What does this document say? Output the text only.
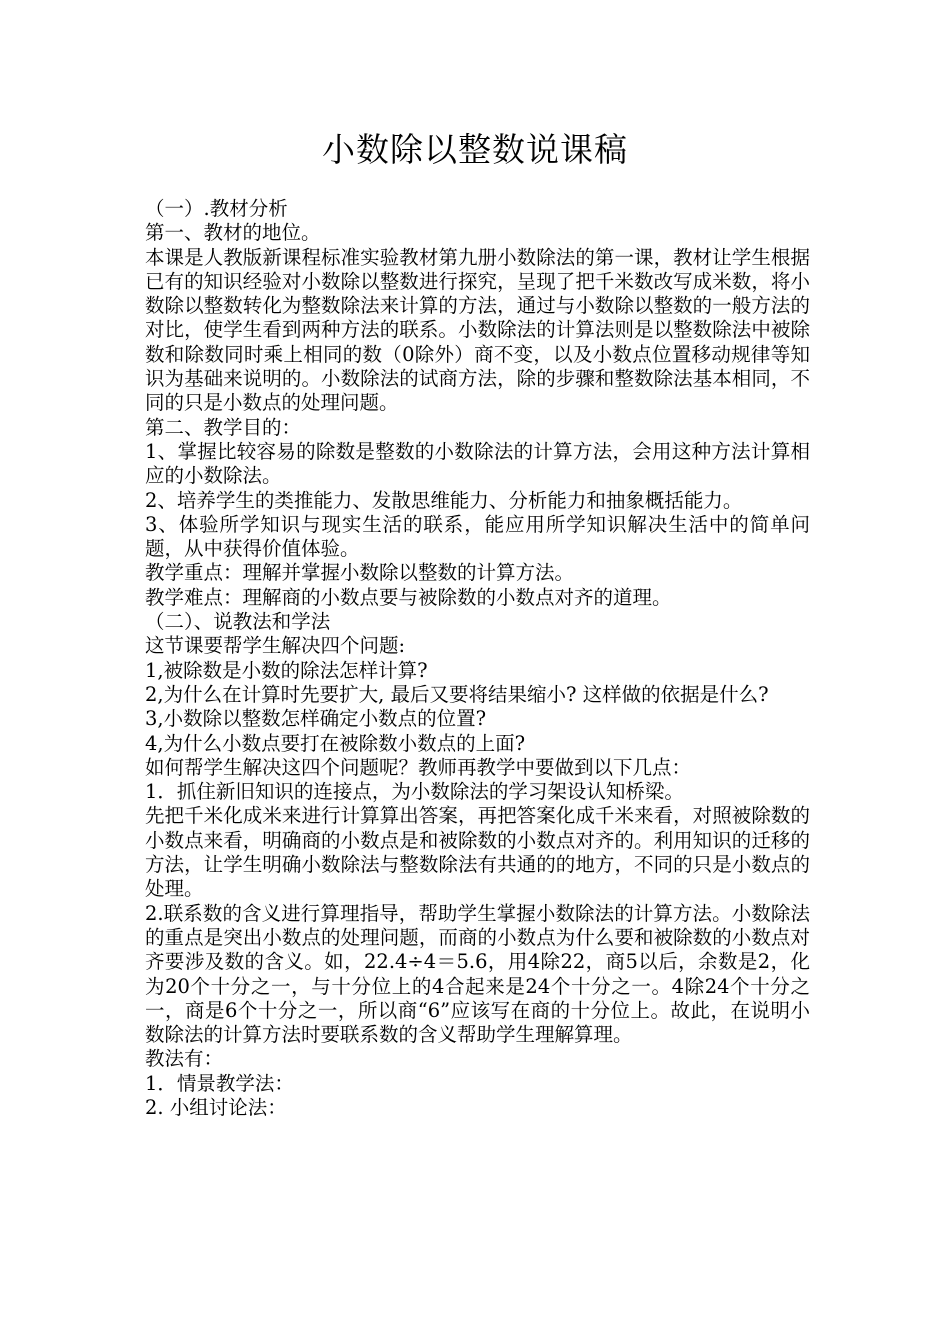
小数除以整数说课稿

（一）.教材分析

第一、教材的地位。

本课是人教版新课程标准实验教材第九册小数除法的第一课，教材让学生根据已有的知识经验对小数除以整数进行探究，呈现了把千米数改写成米数，将小数除以整数转化为整数除法来计算的方法，通过与小数除以整数的一般方法的对比，使学生看到两种方法的联系。小数除法的计算法则是以整数除法中被除数和除数同时乘上相同的数（0除外）商不变，以及小数点位置移动规律等知识为基础来说明的。小数除法的试商方法，除的步骤和整数除法基本相同，不同的只是小数点的处理问题。

第二、教学目的：

1、掌握比较容易的除数是整数的小数除法的计算方法，会用这种方法计算相应的小数除法。

2、培养学生的类推能力、发散思维能力、分析能力和抽象概括能力。

3、体验所学知识与现实生活的联系，能应用所学知识解决生活中的简单问题，从中获得价值体验。

教学重点：理解并掌握小数除以整数的计算方法。

教学难点：理解商的小数点要与被除数的小数点对齐的道理。

（二）、说教法和学法

这节课要帮学生解决四个问题:

1,被除数是小数的除法怎样计算?

2,为什么在计算时先要扩大, 最后又要将结果缩小? 这样做的依据是什么?

3,小数除以整数怎样确定小数点的位置?

4,为什么小数点要打在被除数小数点的上面?

如何帮学生解决这四个问题呢？教师再教学中要做到以下几点：

1．抓住新旧知识的连接点，为小数除法的学习架设认知桥梁。

先把千米化成米来进行计算算出答案，再把答案化成千米来看，对照被除数的小数点来看，明确商的小数点是和被除数的小数点对齐的。利用知识的迁移的方法，让学生明确小数除法与整数除法有共通的的地方，不同的只是小数点的处理。

2.联系数的含义进行算理指导，帮助学生掌握小数除法的计算方法。小数除法的重点是突出小数点的处理问题，而商的小数点为什么要和被除数的小数点对齐要涉及数的含义。如，22.4÷4＝5.6，用4除22，商5以后，余数是2，化为20个十分之一，与十分位上的4合起来是24个十分之一。4除24个十分之一，商是6个十分之一，所以商“6”应该写在商的十分位上。故此，在说明小数除法的计算方法时要联系数的含义帮助学生理解算理。

教法有：

1．情景教学法：

2. 小组讨论法：
